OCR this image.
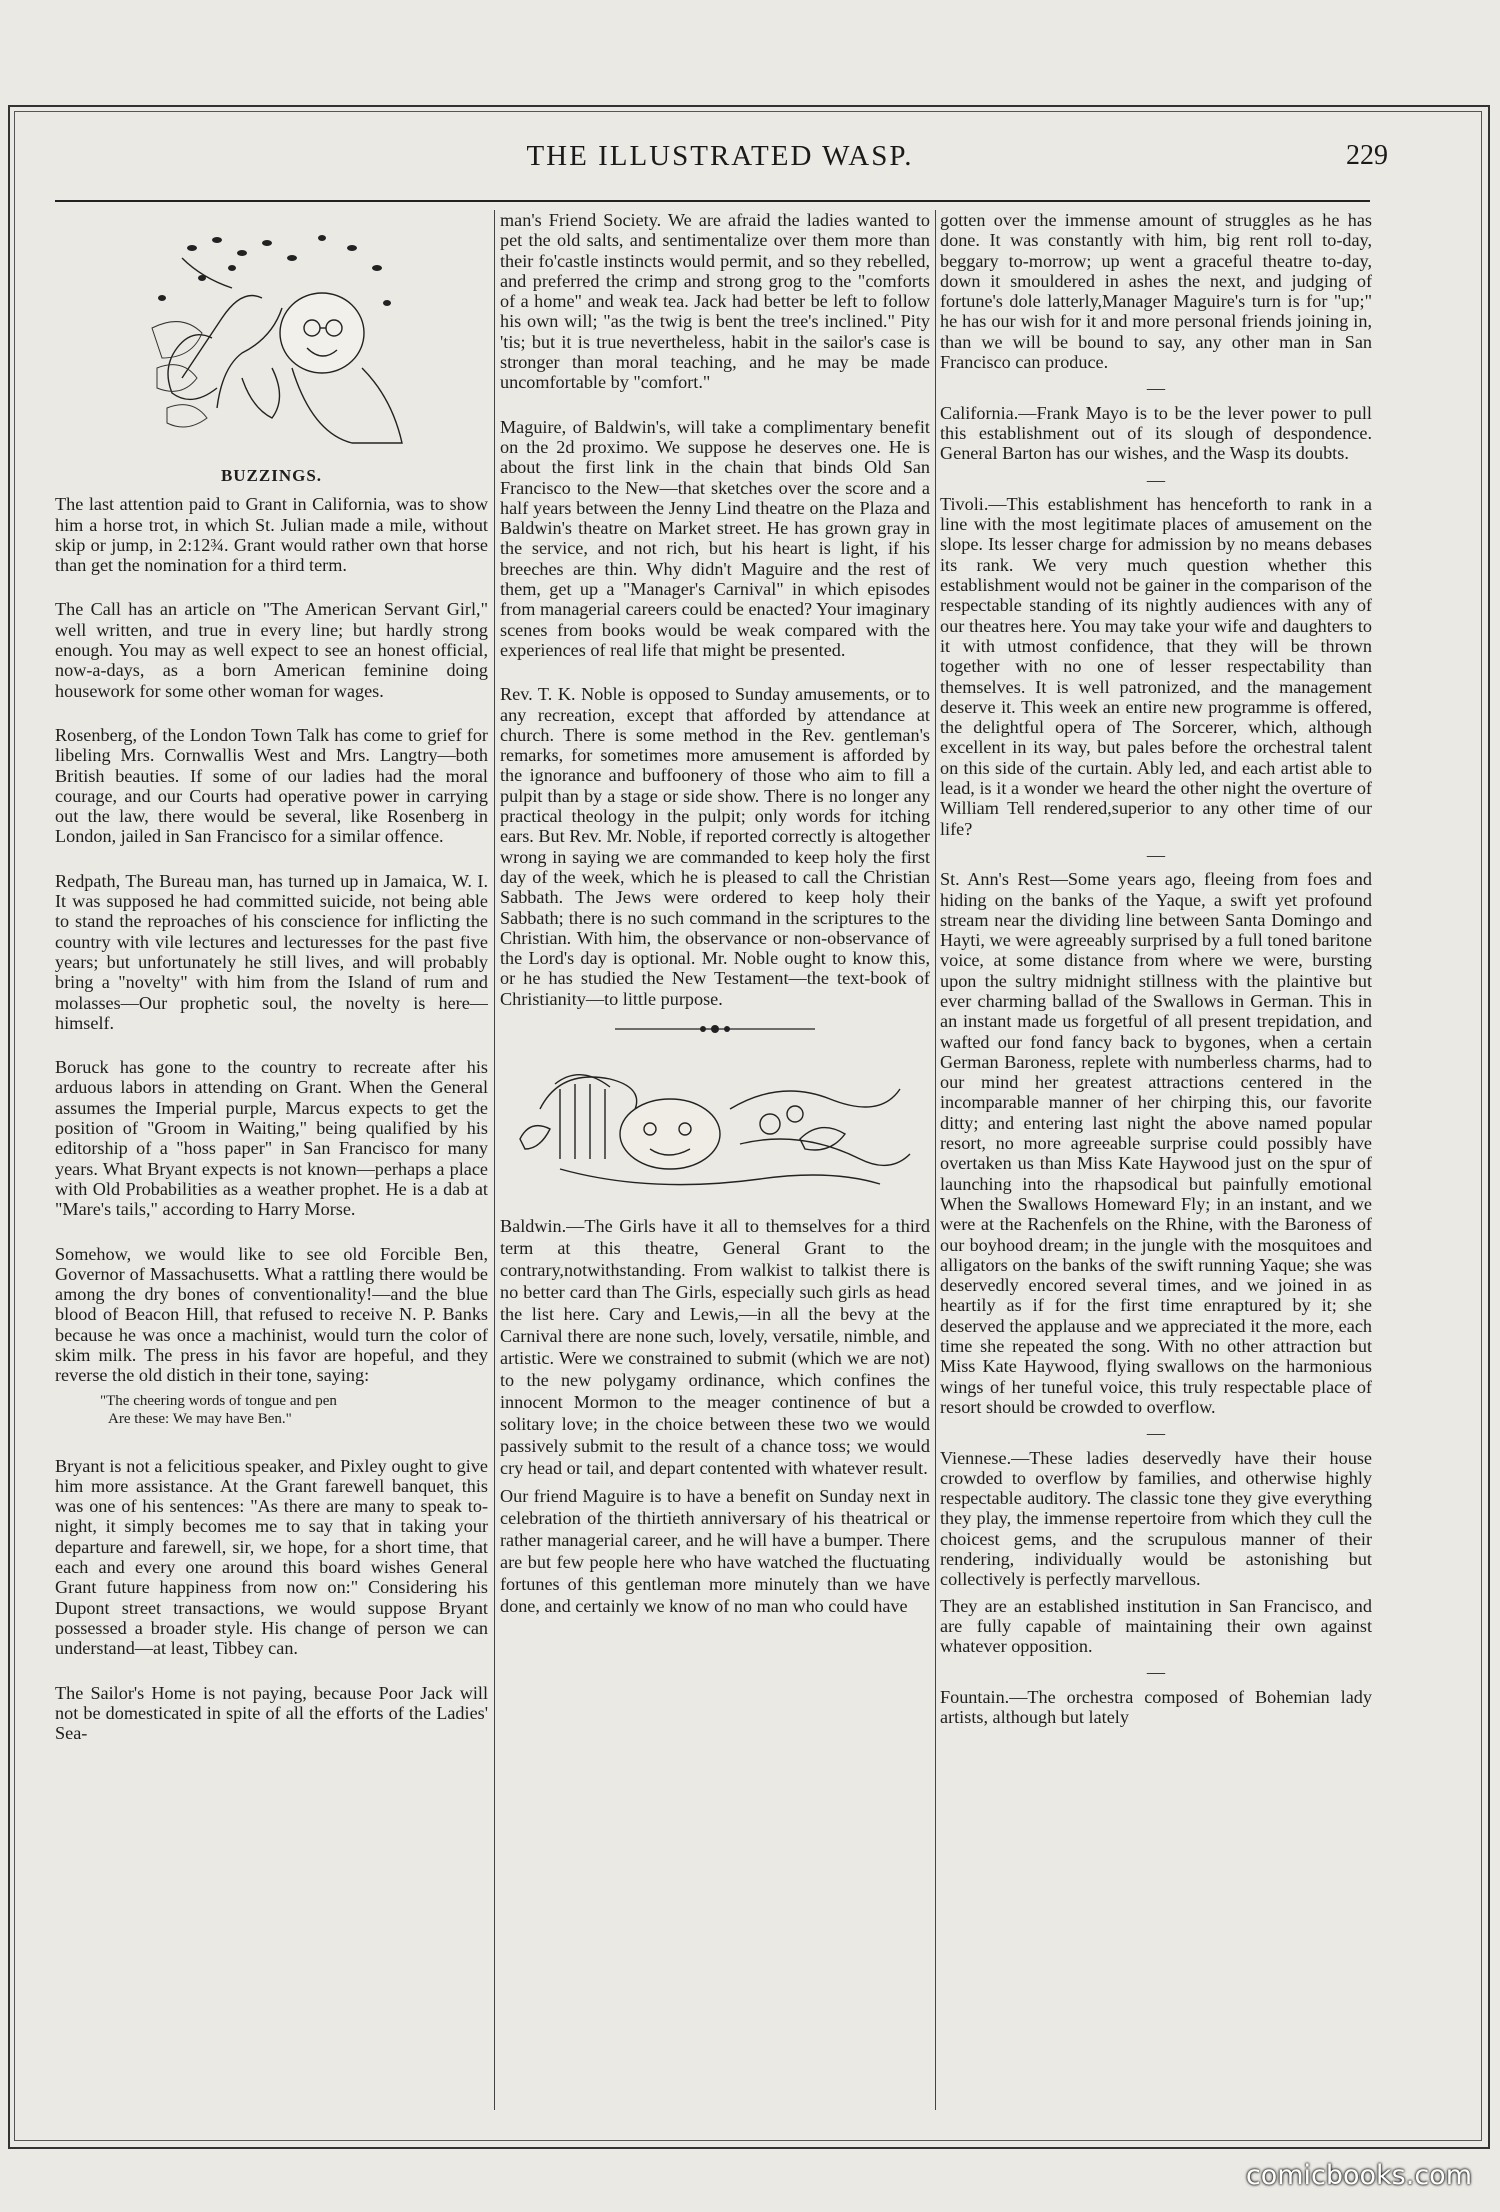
THE ILLUSTRATED WASP.	229
BUZZINGS.

The last attention paid to Grant in California, was to show him a horse trot, in which St. Julian made a mile, without skip or jump, in 2:12¾. Grant would rather own that horse than get the nomination for a third term.

The Call has an article on "The American Servant Girl," well written, and true in every line; but hardly strong enough. You may as well expect to see an honest official, now-a-days, as a born American feminine doing housework for some other woman for wages.

Rosenberg, of the London Town Talk has come to grief for libeling Mrs. Cornwallis West and Mrs. Langtry—both British beauties. If some of our ladies had the moral courage, and our Courts had operative power in carrying out the law, there would be several, like Rosenberg in London, jailed in San Francisco for a similar offence.

Redpath, The Bureau man, has turned up in Jamaica, W. I. It was supposed he had committed suicide, not being able to stand the reproaches of his conscience for inflicting the country with vile lectures and lecturesses for the past five years; but unfortunately he still lives, and will probably bring a "novelty" with him from the Island of rum and molasses—Our prophetic soul, the novelty is here—himself.

Boruck has gone to the country to recreate after his arduous labors in attending on Grant. When the General assumes the Imperial purple, Marcus expects to get the position of "Groom in Waiting," being qualified by his editorship of a "hoss paper" in San Francisco for many years. What Bryant expects is not known—perhaps a place with Old Probabilities as a weather prophet. He is a dab at "Mare's tails," according to Harry Morse.

Somehow, we would like to see old Forcible Ben, Governor of Massachusetts. What a rattling there would be among the dry bones of conventionality!—and the blue blood of Beacon Hill, that refused to receive N. P. Banks because he was once a machinist, would turn the color of skim milk. The press in his favor are hopeful, and they reverse the old distich in their tone, saying:

"The cheering words of tongue and pen
Are these: We may have Ben."

Bryant is not a felicitious speaker, and Pixley ought to give him more assistance. At the Grant farewell banquet, this was one of his sentences: "As there are many to speak to-night, it simply becomes me to say that in taking your departure and farewell, sir, we hope, for a short time, that each and every one around this board wishes General Grant future happiness from now on:" Considering his Dupont street transactions, we would suppose Bryant possessed a broader style. His change of person we can understand—at least, Tibbey can.

The Sailor's Home is not paying, because Poor Jack will not be domesticated in spite of all the efforts of the Ladies' Sea-

man's Friend Society. We are afraid the ladies wanted to pet the old salts, and sentimentalize over them more than their fo'castle instincts would permit, and so they rebelled, and preferred the crimp and strong grog to the "comforts of a home" and weak tea. Jack had better be left to follow his own will; "as the twig is bent the tree's inclined." Pity 'tis; but it is true nevertheless, habit in the sailor's case is stronger than moral teaching, and he may be made uncomfortable by "comfort."

Maguire, of Baldwin's, will take a complimentary benefit on the 2d proximo. We suppose he deserves one. He is about the first link in the chain that binds Old San Francisco to the New—that sketches over the score and a half years between the Jenny Lind theatre on the Plaza and Baldwin's theatre on Market street. He has grown gray in the service, and not rich, but his heart is light, if his breeches are thin. Why didn't Maguire and the rest of them, get up a "Manager's Carnival" in which episodes from managerial careers could be enacted? Your imaginary scenes from books would be weak compared with the experiences of real life that might be presented.

Rev. T. K. Noble is opposed to Sunday amusements, or to any recreation, except that afforded by attendance at church. There is some method in the Rev. gentleman's remarks, for sometimes more amusement is afforded by the ignorance and buffoonery of those who aim to fill a pulpit than by a stage or side show. There is no longer any practical theology in the pulpit; only words for itching ears. But Rev. Mr. Noble, if reported correctly is altogether wrong in saying we are commanded to keep holy the first day of the week, which he is pleased to call the Christian Sabbath. The Jews were ordered to keep holy their Sabbath; there is no such command in the scriptures to the Christian. With him, the observance or non-observance of the Lord's day is optional. Mr. Noble ought to know this, or he has studied the New Testament—the text-book of Christianity—to little purpose.

Baldwin.—The Girls have it all to themselves for a third term at this theatre, General Grant to the contrary,notwithstanding. From walkist to talkist there is no better card than The Girls, especially such girls as head the list here. Cary and Lewis,—in all the bevy at the Carnival there are none such, lovely, versatile, nimble, and artistic. Were we constrained to submit (which we are not) to the new polygamy ordinance, which confines the innocent Mormon to the meager continence of but a solitary love; in the choice between these two we would passively submit to the result of a chance toss; we would cry head or tail, and depart contented with whatever result.

Our friend Maguire is to have a benefit on Sunday next in celebration of the thirtieth anniversary of his theatrical or rather managerial career, and he will have a bumper. There are but few people here who have watched the fluctuating fortunes of this gentleman more minutely than we have done, and certainly we know of no man who could have

gotten over the immense amount of struggles as he has done. It was constantly with him, big rent roll to-day, beggary to-morrow; up went a graceful theatre to-day, down it smouldered in ashes the next, and judging of fortune's dole latterly,Manager Maguire's turn is for "up;" he has our wish for it and more personal friends joining in, than we will be bound to say, any other man in San Francisco can produce.

—

California.—Frank Mayo is to be the lever power to pull this establishment out of its slough of despondence. General Barton has our wishes, and the Wasp its doubts.

—

Tivoli.—This establishment has henceforth to rank in a line with the most legitimate places of amusement on the slope. Its lesser charge for admission by no means debases its rank. We very much question whether this establishment would not be gainer in the comparison of the respectable standing of its nightly audiences with any of our theatres here. You may take your wife and daughters to it with utmost confidence, that they will be thrown together with no one of lesser respectability than themselves. It is well patronized, and the management deserve it. This week an entire new programme is offered, the delightful opera of The Sorcerer, which, although excellent in its way, but pales before the orchestral talent on this side of the curtain. Ably led, and each artist able to lead, is it a wonder we heard the other night the overture of William Tell rendered,superior to any other time of our life?

—

St. Ann's Rest—Some years ago, fleeing from foes and hiding on the banks of the Yaque, a swift yet profound stream near the dividing line between Santa Domingo and Hayti, we were agreeably surprised by a full toned baritone voice, at some distance from where we were, bursting upon the sultry midnight stillness with the plaintive but ever charming ballad of the Swallows in German. This in an instant made us forgetful of all present trepidation, and wafted our fond fancy back to bygones, when a certain German Baroness, replete with numberless charms, had to our mind her greatest attractions centered in the incomparable manner of her chirping this, our favorite ditty; and entering last night the above named popular resort, no more agreeable surprise could possibly have overtaken us than Miss Kate Haywood just on the spur of launching into the rhapsodical but painfully emotional When the Swallows Homeward Fly; in an instant, and we were at the Rachenfels on the Rhine, with the Baroness of our boyhood dream; in the jungle with the mosquitoes and alligators on the banks of the swift running Yaque; she was deservedly encored several times, and we joined in as heartily as if for the first time enraptured by it; she deserved the applause and we appreciated it the more, each time she repeated the song. With no other attraction but Miss Kate Haywood, flying swallows on the harmonious wings of her tuneful voice, this truly respectable place of resort should be crowded to overflow.

—

Viennese.—These ladies deservedly have their house crowded to overflow by families, and otherwise highly respectable auditory. The classic tone they give everything they play, the immense repertoire from which they cull the choicest gems, and the scrupulous manner of their rendering, individually would be astonishing but collectively is perfectly marvellous.

They are an established institution in San Francisco, and are fully capable of maintaining their own against whatever opposition.

—

Fountain.—The orchestra composed of Bohemian lady artists, although but lately

comicbooks.com
